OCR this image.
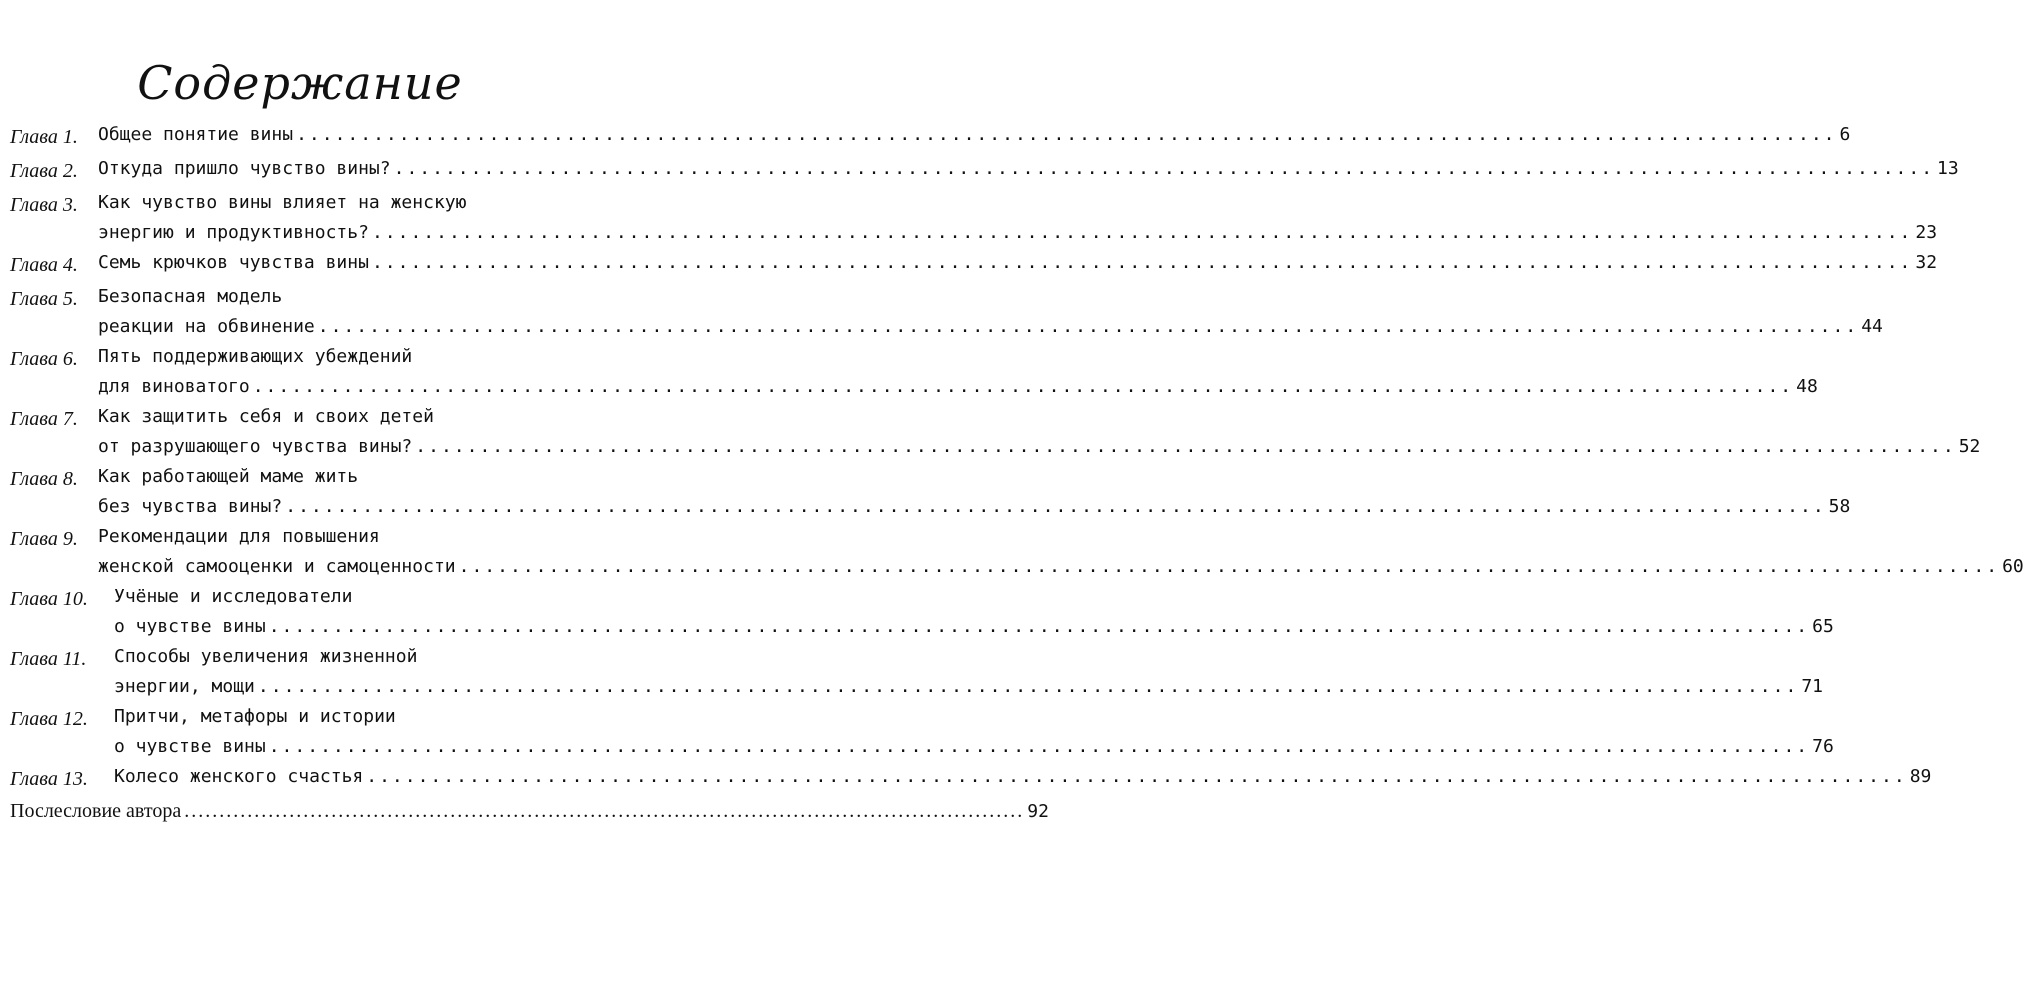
Содержание
Глава 1.	Общее понятие вины ........................................................................................................................ 6
Глава 2.	Откуда пришло чувство вины? ........................................................................................................................ 13
Глава 3.	Как чувство вины влияет на женскую
энергию и продуктивность? ........................................................................................................................ 23
Глава 4.	Семь крючков чувства вины ........................................................................................................................ 32
Глава 5.	Безопасная модель
реакции на обвинение ........................................................................................................................ 44
Глава 6.	Пять поддерживающих убеждений
для виноватого ........................................................................................................................ 48
Глава 7.	Как защитить себя и своих детей
от разрушающего чувства вины? ........................................................................................................................ 52
Глава 8.	Как работающей маме жить
без чувства вины? ........................................................................................................................ 58
Глава 9.	Рекомендации для повышения
женской самооценки и самоценности ........................................................................................................................ 60
Глава 10.	Учёные и исследователи
о чувстве вины ........................................................................................................................ 65
Глава 11.	Способы увеличения жизненной
энергии, мощи ........................................................................................................................ 71
Глава 12.	Притчи, метафоры и истории
о чувстве вины ........................................................................................................................ 76
Глава 13.	Колесо женского счастья ........................................................................................................................ 89
Послесловие автора ........................................................................................................................ 92
